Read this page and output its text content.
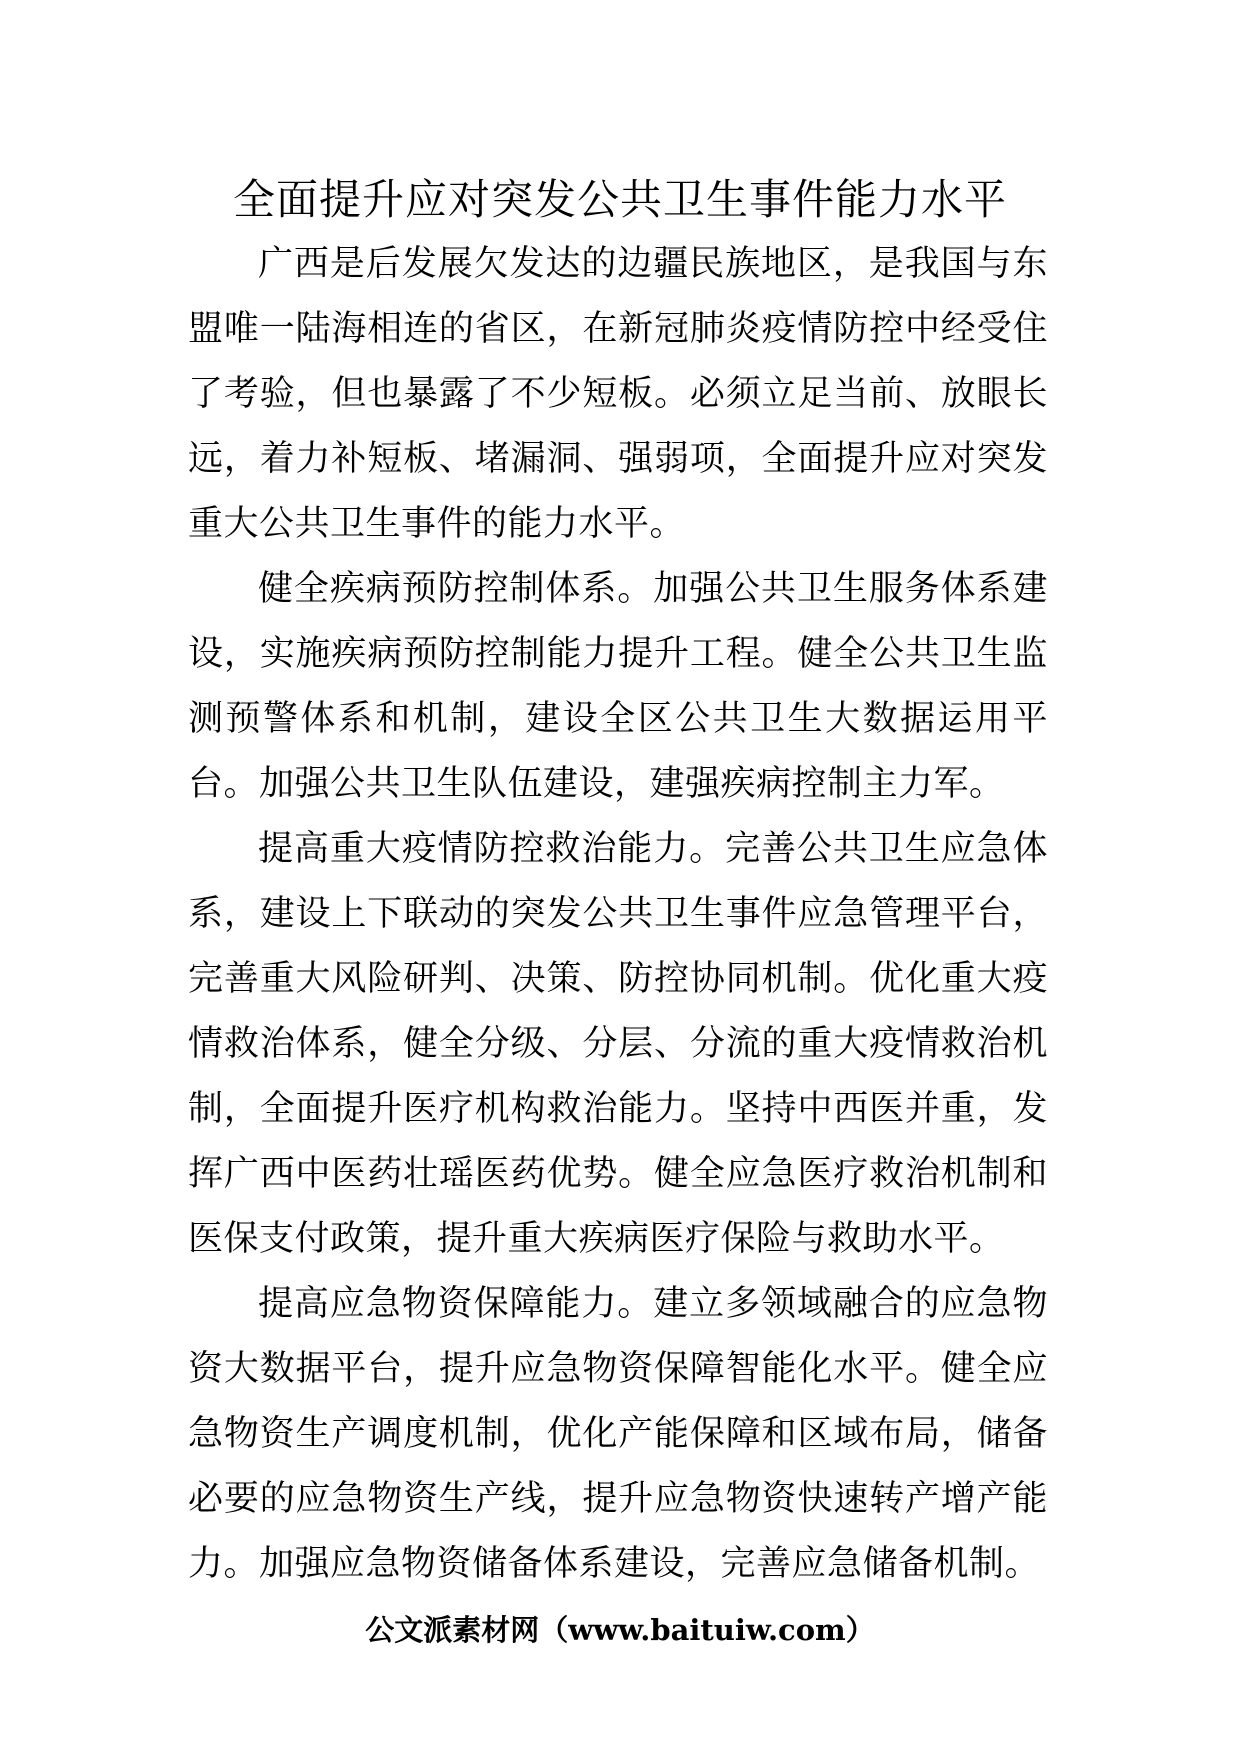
全面提升应对突发公共卫生事件能力水平

广西是后发展欠发达的边疆民族地区，是我国与东盟唯一陆海相连的省区，在新冠肺炎疫情防控中经受住了考验，但也暴露了不少短板。必须立足当前、放眼长远，着力补短板、堵漏洞、强弱项，全面提升应对突发重大公共卫生事件的能力水平。

健全疾病预防控制体系。加强公共卫生服务体系建设，实施疾病预防控制能力提升工程。健全公共卫生监测预警体系和机制，建设全区公共卫生大数据运用平台。加强公共卫生队伍建设，建强疾病控制主力军。

提高重大疫情防控救治能力。完善公共卫生应急体系，建设上下联动的突发公共卫生事件应急管理平台，完善重大风险研判、决策、防控协同机制。优化重大疫情救治体系，健全分级、分层、分流的重大疫情救治机制，全面提升医疗机构救治能力。坚持中西医并重，发挥广西中医药壮瑶医药优势。健全应急医疗救治机制和医保支付政策，提升重大疾病医疗保险与救助水平。

提高应急物资保障能力。建立多领域融合的应急物资大数据平台，提升应急物资保障智能化水平。健全应急物资生产调度机制，优化产能保障和区域布局，储备必要的应急物资生产线，提升应急物资快速转产增产能力。加强应急物资储备体系建设，完善应急储备机制。

公文派素材网（www.baituiw.com）
